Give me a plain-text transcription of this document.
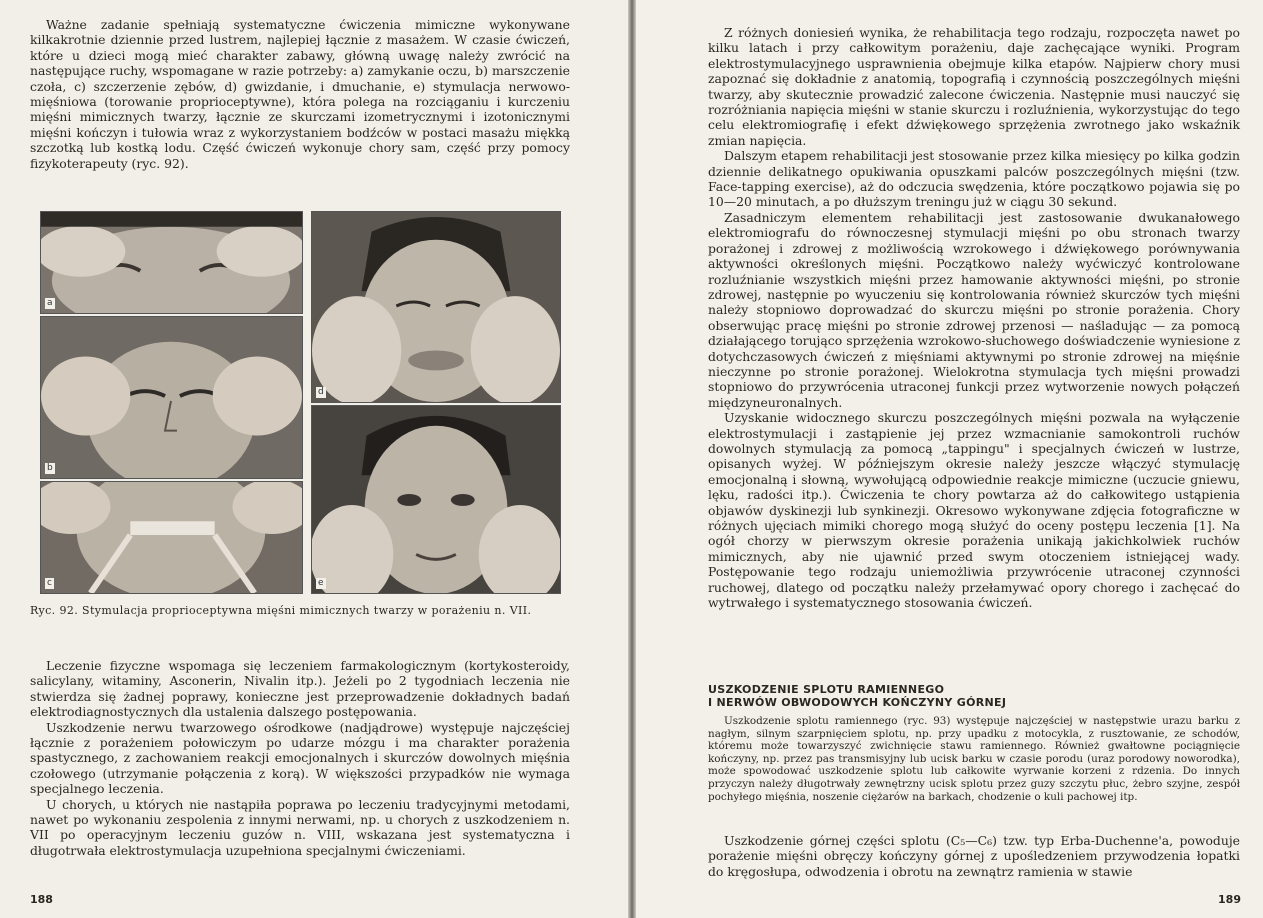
Ważne zadanie spełniają systematyczne ćwiczenia mimiczne wykonywane kilkakrotnie dziennie przed lustrem, najlepiej łącznie z masażem. W czasie ćwiczeń, które u dzieci mogą mieć charakter zabawy, główną uwagę należy zwrócić na następujące ruchy, wspomagane w razie potrzeby: a) zamykanie oczu, b) marszczenie czoła, c) szczerzenie zębów, d) gwizdanie, i dmuchanie, e) stymulacja nerwowo-mięśniowa (torowanie proprioceptywne), która polega na rozciąganiu i kurczeniu mięśni mimicznych twarzy, łącznie ze skurczami izometrycznymi i izotonicznymi mięśni kończyn i tułowia wraz z wykorzystaniem bodźców w postaci masażu miękką szczotką lub kostką lodu. Część ćwiczeń wykonuje chory sam, część przy pomocy fizykoterapeuty (ryc. 92).

a
b
c
d
e
Ryc. 92. Stymulacja proprioceptywna mięśni mimicznych twarzy w porażeniu n. VII.

Leczenie fizyczne wspomaga się leczeniem farmakologicznym (kortykosteroidy, salicylany, witaminy, Asconerin, Nivalin itp.). Jeżeli po 2 tygodniach leczenia nie stwierdza się żadnej poprawy, konieczne jest przeprowadzenie dokładnych badań elektrodiagnostycznych dla ustalenia dalszego postępowania.

Uszkodzenie nerwu twarzowego ośrodkowe (nadjądrowe) występuje najczęściej łącznie z porażeniem połowiczym po udarze mózgu i ma charakter porażenia spastycznego, z zachowaniem reakcji emocjonalnych i skurczów dowolnych mięśnia czołowego (utrzymanie połączenia z korą). W większości przypadków nie wymaga specjalnego leczenia.

U chorych, u których nie nastąpiła poprawa po leczeniu tradycyjnymi metodami, nawet po wykonaniu zespolenia z innymi nerwami, np. u chorych z uszkodzeniem n. VII po operacyjnym leczeniu guzów n. VIII, wskazana jest systematyczna i długotrwała elektrostymulacja uzupełniona specjalnymi ćwiczeniami.

188

Z różnych doniesień wynika, że rehabilitacja tego rodzaju, rozpoczęta nawet po kilku latach i przy całkowitym porażeniu, daje zachęcające wyniki. Program elektrostymulacyjnego usprawnienia obejmuje kilka etapów. Najpierw chory musi zapoznać się dokładnie z anatomią, topografią i czynnością poszczególnych mięśni twarzy, aby skutecznie prowadzić zalecone ćwiczenia. Następnie musi nauczyć się rozróżniania napięcia mięśni w stanie skurczu i rozluźnienia, wykorzystując do tego celu elektromiografię i efekt dźwiękowego sprzężenia zwrotnego jako wskaźnik zmian napięcia.

Dalszym etapem rehabilitacji jest stosowanie przez kilka miesięcy po kilka godzin dziennie delikatnego opukiwania opuszkami palców poszczególnych mięśni (tzw. Face-tapping exercise), aż do odczucia swędzenia, które początkowo pojawia się po 10—20 minutach, a po dłuższym treningu już w ciągu 30 sekund.

Zasadniczym elementem rehabilitacji jest zastosowanie dwukanałowego elektromiografu do równoczesnej stymulacji mięśni po obu stronach twarzy porażonej i zdrowej z możliwością wzrokowego i dźwiękowego porównywania aktywności określonych mięśni. Początkowo należy wyćwiczyć kontrolowane rozluźnianie wszystkich mięśni przez hamowanie aktywności mięśni, po stronie zdrowej, następnie po wyuczeniu się kontrolowania również skurczów tych mięśni należy stopniowo doprowadzać do skurczu mięśni po stronie porażenia. Chory obserwując pracę mięśni po stronie zdrowej przenosi — naśladując — za pomocą działającego torująco sprzężenia wzrokowo-słuchowego doświadczenie wyniesione z dotychczasowych ćwiczeń z mięśniami aktywnymi po stronie zdrowej na mięśnie nieczynne po stronie porażonej. Wielokrotna stymulacja tych mięśni prowadzi stopniowo do przywrócenia utraconej funkcji przez wytworzenie nowych połączeń międzyneuronalnych.

Uzyskanie widocznego skurczu poszczególnych mięśni pozwala na wyłączenie elektrostymulacji i zastąpienie jej przez wzmacnianie samokontroli ruchów dowolnych stymulacją za pomocą „tappingu" i specjalnych ćwiczeń w lustrze, opisanych wyżej. W późniejszym okresie należy jeszcze włączyć stymulację emocjonalną i słowną, wywołującą odpowiednie reakcje mimiczne (uczucie gniewu, lęku, radości itp.). Ćwiczenia te chory powtarza aż do całkowitego ustąpienia objawów dyskinezji lub synkinezji. Okresowo wykonywane zdjęcia fotograficzne w różnych ujęciach mimiki chorego mogą służyć do oceny postępu leczenia [1]. Na ogół chorzy w pierwszym okresie porażenia unikają jakichkolwiek ruchów mimicznych, aby nie ujawnić przed swym otoczeniem istniejącej wady. Postępowanie tego rodzaju uniemożliwia przywrócenie utraconej czynności ruchowej, dlatego od początku należy przełamywać opory chorego i zachęcać do wytrwałego i systematycznego stosowania ćwiczeń.

USZKODZENIE SPLOTU RAMIENNEGO
I NERWÓW OBWODOWYCH KOŃCZYNY GÓRNEJ

Uszkodzenie splotu ramiennego (ryc. 93) występuje najczęściej w następstwie urazu barku z nagłym, silnym szarpnięciem splotu, np. przy upadku z motocykla, z rusztowanie, ze schodów, któremu może towarzyszyć zwichnięcie stawu ramiennego. Również gwałtowne pociągnięcie kończyny, np. przez pas transmisyjny lub ucisk barku w czasie porodu (uraz porodowy noworodka), może spowodować uszkodzenie splotu lub całkowite wyrwanie korzeni z rdzenia. Do innych przyczyn należy długotrwały zewnętrzny ucisk splotu przez guzy szczytu płuc, żebro szyjne, zespół pochyłego mięśnia, noszenie ciężarów na barkach, chodzenie o kuli pachowej itp.

Uszkodzenie górnej części splotu (C₅—C₆) tzw. typ Erba-Duchenne'a, powoduje porażenie mięśni obręczy kończyny górnej z upośledzeniem przywodzenia łopatki do kręgosłupa, odwodzenia i obrotu na zewnątrz ramienia w stawie

189
